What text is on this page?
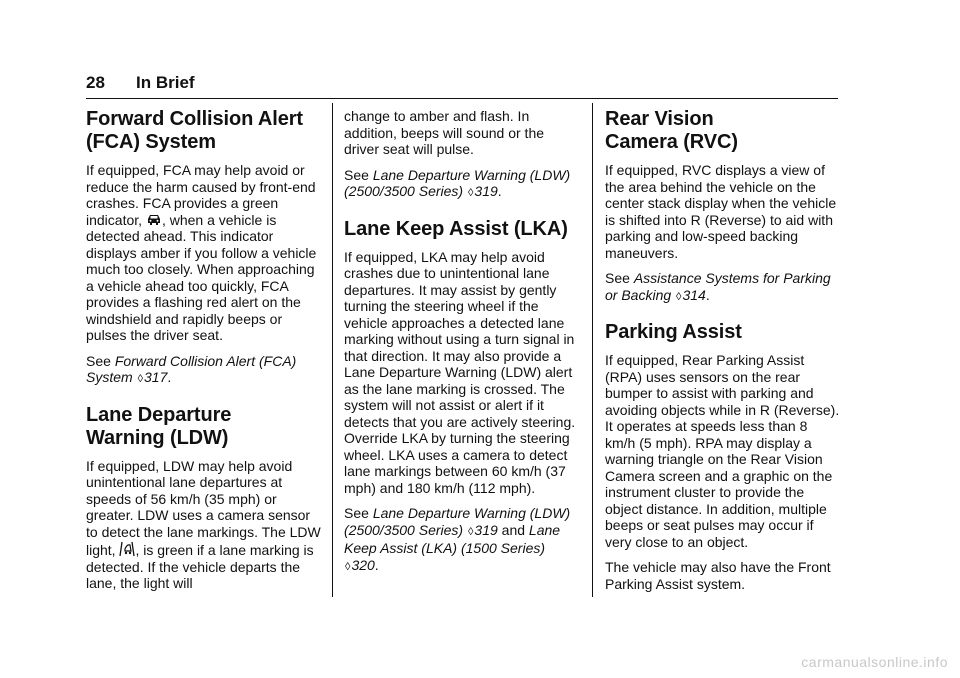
28 In Brief
Forward Collision Alert
(FCA) System

If equipped, FCA may help avoid or reduce the harm caused by front-end crashes. FCA provides a green indicator, , when a vehicle is detected ahead. This indicator displays amber if you follow a vehicle much too closely. When approaching a vehicle ahead too quickly, FCA provides a flashing red alert on the windshield and rapidly beeps or pulses the driver seat.

See Forward Collision Alert (FCA) System ◊317.

Lane Departure
Warning (LDW)

If equipped, LDW may help avoid unintentional lane departures at speeds of 56 km/h (35 mph) or greater. LDW uses a camera sensor to detect the lane markings. The LDW light, , is green if a lane marking is detected. If the vehicle departs the lane, the light will

change to amber and flash. In addition, beeps will sound or the driver seat will pulse.

See Lane Departure Warning (LDW) (2500/3500 Series) ◊319.

Lane Keep Assist (LKA)

If equipped, LKA may help avoid crashes due to unintentional lane departures. It may assist by gently turning the steering wheel if the vehicle approaches a detected lane marking without using a turn signal in that direction. It may also provide a Lane Departure Warning (LDW) alert as the lane marking is crossed. The system will not assist or alert if it detects that you are actively steering. Override LKA by turning the steering wheel. LKA uses a camera to detect lane markings between 60 km/h (37 mph) and 180 km/h (112 mph).

See Lane Departure Warning (LDW) (2500/3500 Series) ◊319 and Lane Keep Assist (LKA) (1500 Series) ◊320.

Rear Vision
Camera (RVC)

If equipped, RVC displays a view of the area behind the vehicle on the center stack display when the vehicle is shifted into R (Reverse) to aid with parking and low-speed backing maneuvers.

See Assistance Systems for Parking or Backing ◊314.

Parking Assist

If equipped, Rear Parking Assist (RPA) uses sensors on the rear bumper to assist with parking and avoiding objects while in R (Reverse). It operates at speeds less than 8 km/h (5 mph). RPA may display a warning triangle on the Rear Vision Camera screen and a graphic on the instrument cluster to provide the object distance. In addition, multiple beeps or seat pulses may occur if very close to an object.

The vehicle may also have the Front Parking Assist system.

carmanualsonline.info
